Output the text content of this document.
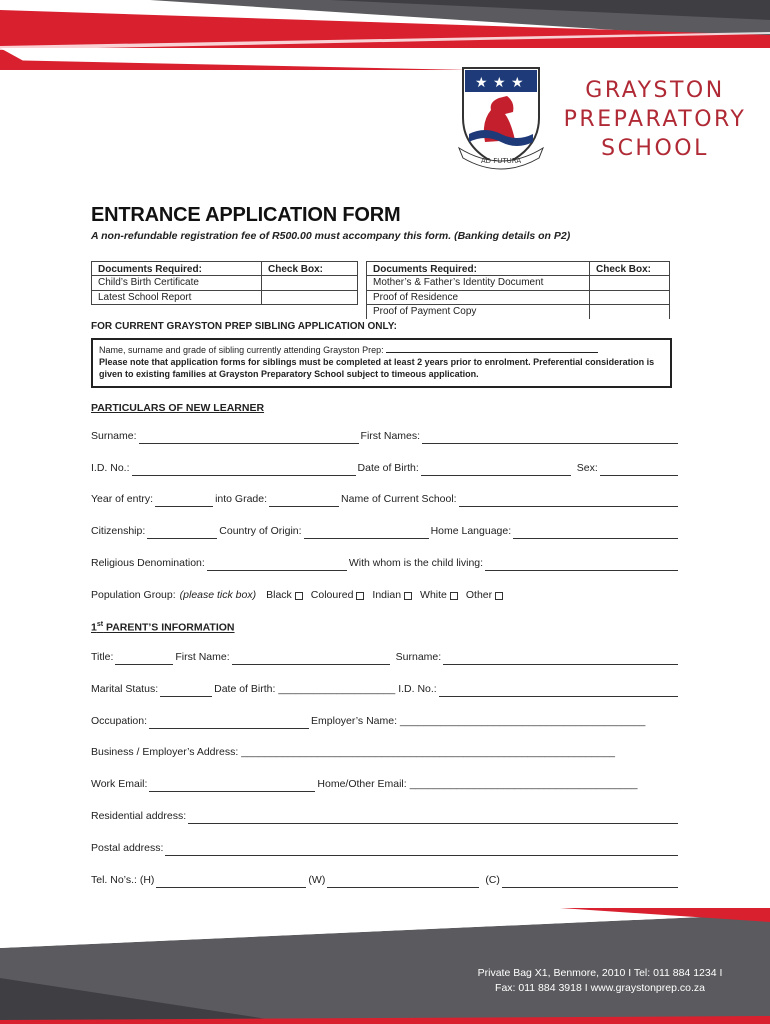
★ ★ ★
AD FUTURA
GRAYSTON
PREPARATORY
SCHOOL
ENTRANCE APPLICATION FORM
A non-refundable registration fee of R500.00 must accompany this form. (Banking details on P2)
Documents Required:	Check Box:
Child’s Birth Certificate	
Latest School Report	
Documents Required:	Check Box:
Mother’s & Father’s Identity Document	
Proof of Residence	
Proof of Payment Copy	
FOR CURRENT GRAYSTON PREP SIBLING APPLICATION ONLY:
Name, surname and grade of sibling currently attending Grayston Prep:
Please note that application forms for siblings must be completed at least 2 years prior to enrolment. Preferential consideration is given to existing families at Grayston Preparatory School subject to timeous application.
PARTICULARS OF NEW LEARNER
Surname:	First Names:
I.D. No.:	Date of Birth:	Sex:
Year of entry:	into Grade:	Name of Current School:
Citizenship:	Country of Origin:	Home Language:
Religious Denomination:	With whom is the child living:
Population Group: (please tick box) Black Coloured Indian White Other
1st PARENT’S INFORMATION
Title:	First Name:	Surname:
Marital Status:	Date of Birth: ____________________ I.D. No.:
Occupation:	Employer’s Name: __________________________________________
Business / Employer’s Address: ________________________________________________________________
Work Email:	Home/Other Email: _______________________________________
Residential address:
Postal address:
Tel. No’s.: (H)	(W)	(C)
Private Bag X1, Benmore, 2010 I Tel: 011 884 1234 I
Fax: 011 884 3918 I www.graystonprep.co.za
